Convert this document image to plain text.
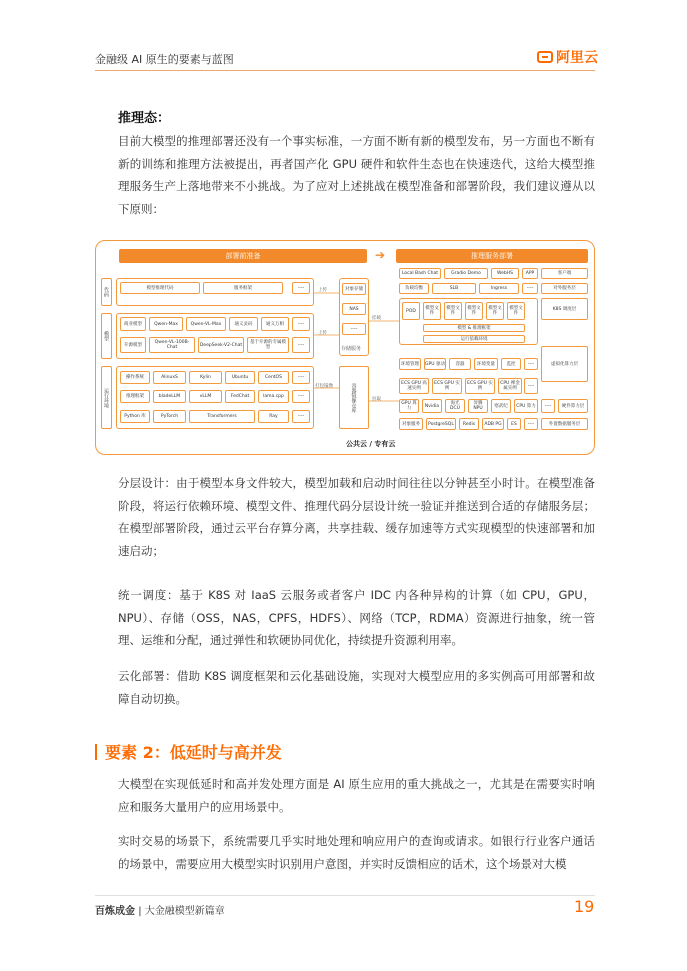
金融级 AI 原生的要素与蓝图	阿里云
推理态：

目前大模型的推理部署还没有一个事实标准，一方面不断有新的模型发布，另一方面也不断有新的训练和推理方法被提出，再者国产化 GPU 硬件和软件生态也在快速迭代，这给大模型推理服务生产上落地带来不小挑战。为了应对上述挑战在模型准备和部署阶段，我们建议遵从以下原则：

部署前准备	➔	推理服务部署
代码
模型
运行环境
模型推理代码	服务框架	----
商业模型	Qwen-Max	Qwen-VL-Max	通义灵码	通义万相	----
开源模型	Qwen-VL-100B-Chat	DeepSeek-V2-Chat	基于开源的专属模型	----
操作系统	AlinuxS	Kylin	Ubuntu	CentOS	----
推理框架	bladeLLM	vLLM	FedChat	lama.cpp	----
Python 库	PyTorch	Transformers	Ray	----
上传
上传
打包镜像
挂载
拉取
对象存储
NAS
----
存储服务
容器镜像仓库
Local Bash Chat	Gradio Demo	WebHS	APP	客户端
负载均衡	SLB	Ingress	----	对外服务层
POD	模型文件
模型文件
模型文件
模型文件
模型文件
K8S 调度层
模型 & 推理框架
运行依赖环境
环境管理	GPU 驱动	容器	环境变量	监控	----	虚拟化算力层
ECS GPU 高速实例
ECS GPU 实例
ECS GPU 实例
CPU 裸金属实例	----
GPU 算力	Nvidia	海光 DCU
昇腾 NPU	寒武纪	CPU 算力	----	硬件算力层
对象服务	PostgreSQL	Redis	ADB PG	ES	----	外置数据服务层
公共云 / 专有云

分层设计：由于模型本身文件较大，模型加载和启动时间往往以分钟甚至小时计。在模型准备阶段，将运行依赖环境、模型文件、推理代码分层设计统一验证并推送到合适的存储服务层；在模型部署阶段，通过云平台存算分离，共享挂载、缓存加速等方式实现模型的快速部署和加速启动；

统一调度：基于 K8S 对 IaaS 云服务或者客户 IDC 内各种异构的计算（如 CPU，GPU，NPU）、存储（OSS，NAS，CPFS，HDFS）、网络（TCP，RDMA）资源进行抽象，统一管理、运维和分配，通过弹性和软硬协同优化，持续提升资源利用率。

云化部署：借助 K8S 调度框架和云化基础设施，实现对大模型应用的多实例高可用部署和故障自动切换。

要素 2：低延时与高并发

大模型在实现低延时和高并发处理方面是 AI 原生应用的重大挑战之一，尤其是在需要实时响应和服务大量用户的应用场景中。

实时交易的场景下，系统需要几乎实时地处理和响应用户的查询或请求。如银行行业客户通话的场景中，需要应用大模型实时识别用户意图，并实时反馈相应的话术，这个场景对大模

百炼成金 | 大金融模型新篇章	19
